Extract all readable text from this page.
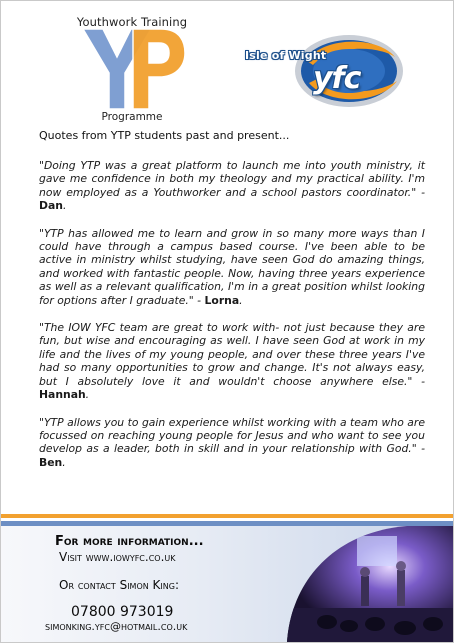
Youthwork Training
Programme
Isle of Wight
yfc
Quotes from YTP students past and present...

"Doing YTP was a great platform to launch me into youth ministry, it gave me confidence in both my theology and my practical ability. I'm now employed as a Youthworker and a school pastors coordinator." - Dan.

"YTP has allowed me to learn and grow in so many more ways than I could have through a campus based course. I've been able to be active in ministry whilst studying, have seen God do amazing things, and worked with fantastic people. Now, having three years experience as well as a relevant qualification, I'm in a great position whilst looking for options after I graduate." - Lorna.

"The IOW YFC team are great to work with- not just because they are fun, but wise and encouraging as well. I have seen God at work in my life and the lives of my young people, and over these three years I've had so many opportunities to grow and change. It's not always easy, but I absolutely love it and wouldn't choose anywhere else." - Hannah.

"YTP allows you to gain experience whilst working with a team who are focussed on reaching young people for Jesus and who want to see you develop as a leader, both in skill and in your relationship with God." - Ben.

For more information...
Visit www.iowyfc.co.uk
Or contact Simon King:
07800 973019
simonking.yfc@hotmail.co.uk
